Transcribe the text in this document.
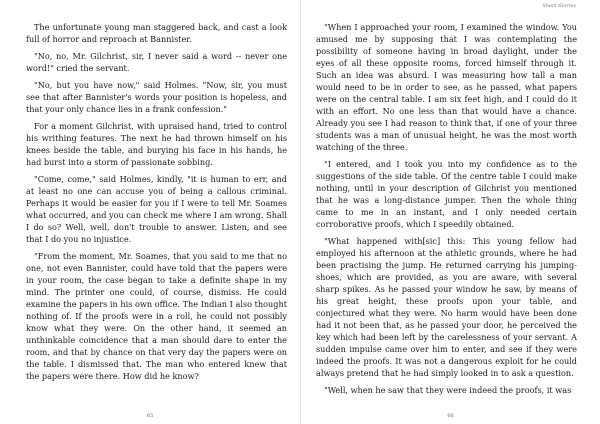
The unfortunate young man staggered back, and cast a look full of horror and reproach at Bannister.

"No, no, Mr. Gilchrist, sir, I never said a word -- never one word!" cried the servant.

"No, but you have now," said Holmes. "Now, sir, you must see that after Bannister's words your position is hopeless, and that your only chance lies in a frank confession."

For a moment Gilchrist, with upraised hand, tried to control his writhing features. The next he had thrown himself on his knees beside the table, and burying his face in his hands, he had burst into a storm of passionate sobbing.

"Come, come," said Holmes, kindly, "it is human to err, and at least no one can accuse you of being a callous criminal. Perhaps it would be easier for you if I were to tell Mr. Soames what occurred, and you can check me where I am wrong. Shall I do so? Well, well, don't trouble to answer. Listen, and see that I do you no injustice.

"From the moment, Mr. Soames, that you said to me that no one, not even Bannister, could have told that the papers were in your room, the case began to take a definite shape in my mind. The printer one could, of course, dismiss. He could examine the papers in his own office. The Indian I also thought nothing of. If the proofs were in a roll, he could not possibly know what they were. On the other hand, it seemed an unthinkable coincidence that a man should dare to enter the room, and that by chance on that very day the papers were on the table. I dismissed that. The man who entered knew that the papers were there. How did he know?

65
Short Stories

"When I approached your room, I examined the window. You amused me by supposing that I was contemplating the possibility of someone having in broad daylight, under the eyes of all these opposite rooms, forced himself through it. Such an idea was absurd. I was measuring how tall a man would need to be in order to see, as he passed, what papers were on the central table. I am six feet high, and I could do it with an effort. No one less than that would have a chance. Already you see I had reason to think that, if one of your three students was a man of unusual height, he was the most worth watching of the three.

"I entered, and I took you into my confidence as to the suggestions of the side table. Of the centre table I could make nothing, until in your description of Gilchrist you mentioned that he was a long-distance jumper. Then the whole thing came to me in an instant, and I only needed certain corroborative proofs, which I speedily obtained.

"What happened with[sic] this: This young fellow had employed his afternoon at the athletic grounds, where he had been practising the jump. He returned carrying his jumping-shoes, which are provided, as you are aware, with several sharp spikes. As he passed your window he saw, by means of his great height, these proofs upon your table, and conjectured what they were. No harm would have been done had it not been that, as he passed your door, he perceived the key which had been left by the carelessness of your servant. A sudden impulse came over him to enter, and see if they were indeed the proofs. It was not a dangerous exploit for he could always pretend that he had simply looked in to ask a question.

"Well, when he saw that they were indeed the proofs, it was

66
